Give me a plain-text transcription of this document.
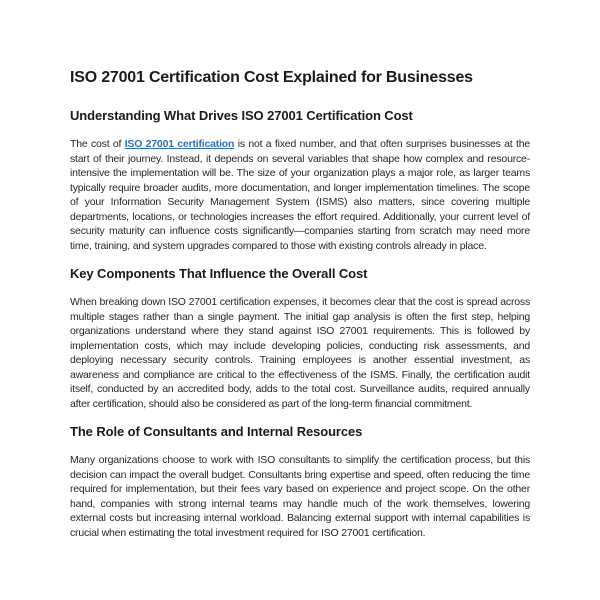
ISO 27001 Certification Cost Explained for Businesses
Understanding What Drives ISO 27001 Certification Cost

The cost of ISO 27001 certification is not a fixed number, and that often surprises businesses at the start of their journey. Instead, it depends on several variables that shape how complex and resource-intensive the implementation will be. The size of your organization plays a major role, as larger teams typically require broader audits, more documentation, and longer implementation timelines. The scope of your Information Security Management System (ISMS) also matters, since covering multiple departments, locations, or technologies increases the effort required. Additionally, your current level of security maturity can influence costs significantly—companies starting from scratch may need more time, training, and system upgrades compared to those with existing controls already in place.

Key Components That Influence the Overall Cost

When breaking down ISO 27001 certification expenses, it becomes clear that the cost is spread across multiple stages rather than a single payment. The initial gap analysis is often the first step, helping organizations understand where they stand against ISO 27001 requirements. This is followed by implementation costs, which may include developing policies, conducting risk assessments, and deploying necessary security controls. Training employees is another essential investment, as awareness and compliance are critical to the effectiveness of the ISMS. Finally, the certification audit itself, conducted by an accredited body, adds to the total cost. Surveillance audits, required annually after certification, should also be considered as part of the long-term financial commitment.

The Role of Consultants and Internal Resources

Many organizations choose to work with ISO consultants to simplify the certification process, but this decision can impact the overall budget. Consultants bring expertise and speed, often reducing the time required for implementation, but their fees vary based on experience and project scope. On the other hand, companies with strong internal teams may handle much of the work themselves, lowering external costs but increasing internal workload. Balancing external support with internal capabilities is crucial when estimating the total investment required for ISO 27001 certification.
